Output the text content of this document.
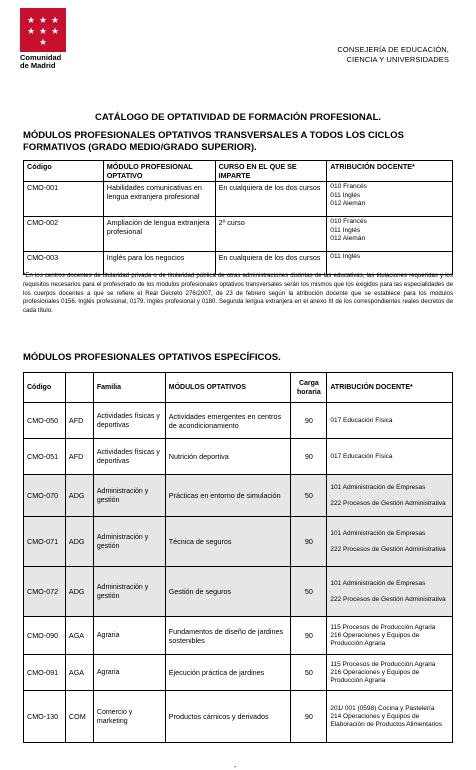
★ ★ ★
★ ★ ★
★
Comunidad
de Madrid
CONSEJERÍA DE EDUCACIÓN,
CIENCIA Y UNIVERSIDADES
CATÁLOGO DE OPTATIVIDAD DE FORMACIÓN PROFESIONAL.
MÓDULOS PROFESIONALES OPTATIVOS TRANSVERSALES A TODOS LOS CICLOS FORMATIVOS (GRADO MEDIO/GRADO SUPERIOR).
Código	MÓDULO PROFESIONAL OPTATIVO	CURSO EN EL QUE SE IMPARTE	ATRIBUCIÓN DOCENTE*
CMO-001	Habilidades comunicativas en lengua extranjera profesional	En cualquiera de los dos cursos	010 Francés
011 Inglés
012 Alemán
CMO-002	Ampliación de lengua extranjera profesional	2º curso	010 Francés
011 Inglés
012 Alemán
CMO-003	Inglés para los negocios	En cualquiera de los dos cursos	011 Inglés
*En los centros docentes de titularidad privada o de titularidad pública de otras administraciones distintas de las educativas, las titulaciones requeridas y los requisitos necesarios para el profesorado de los módulos profesionales optativos transversales serán los mismos que los exigidos para las especialidades de los cuerpos docentes a que se refiere el Real Decreto 276/2007, de 23 de febrero según la atribución docente que se establece para los módulos profesionales 0156. Inglés profesional, 0179. Inglés profesional y 0180. Segunda lengua extranjera en el anexo III de los correspondientes reales decretos de cada título.
MÓDULOS PROFESIONALES OPTATIVOS ESPECÍFICOS.
Código		Familia	MÓDULOS OPTATIVOS	Carga horaria	ATRIBUCIÓN DOCENTE*
CMO-050	AFD	Actividades físicas y deportivas	Actividades emergentes en centros de acondicionamiento	90	017 Educación Física
CMO-051	AFD	Actividades físicas y deportivas	Nutrición deportiva	90	017 Educación Física
CMO-070	ADG	Administración y gestión	Prácticas en entorno de simulación	50	101 Administración de Empresas

222 Procesos de Gestión Administrativa
CMO-071	ADG	Administración y gestión	Técnica de seguros	90	101 Administración de Empresas

222 Procesos de Gestión Administrativa
CMO-072	ADG	Administración y gestión	Gestión de seguros	50	101 Administración de Empresas

222 Procesos de Gestión Administrativa
CMO-090	AGA	Agraria	Fundamentos de diseño de jardines sostenibles	90	115 Procesos de Producción Agraria
216 Operaciones y Equipos de Producción Agraria
CMO-091	AGA	Agraria	Ejecución práctica de jardines	50	115 Procesos de Producción Agraria
216 Operaciones y Equipos de Producción Agraria
CMO-130	COM	Comercio y marketing	Productos cárnicos y derivados	90	201/ 001 (0598) Cocina y Pastelería
214 Operaciones y Equipos de Elaboración de Productos Alimentarios
-
